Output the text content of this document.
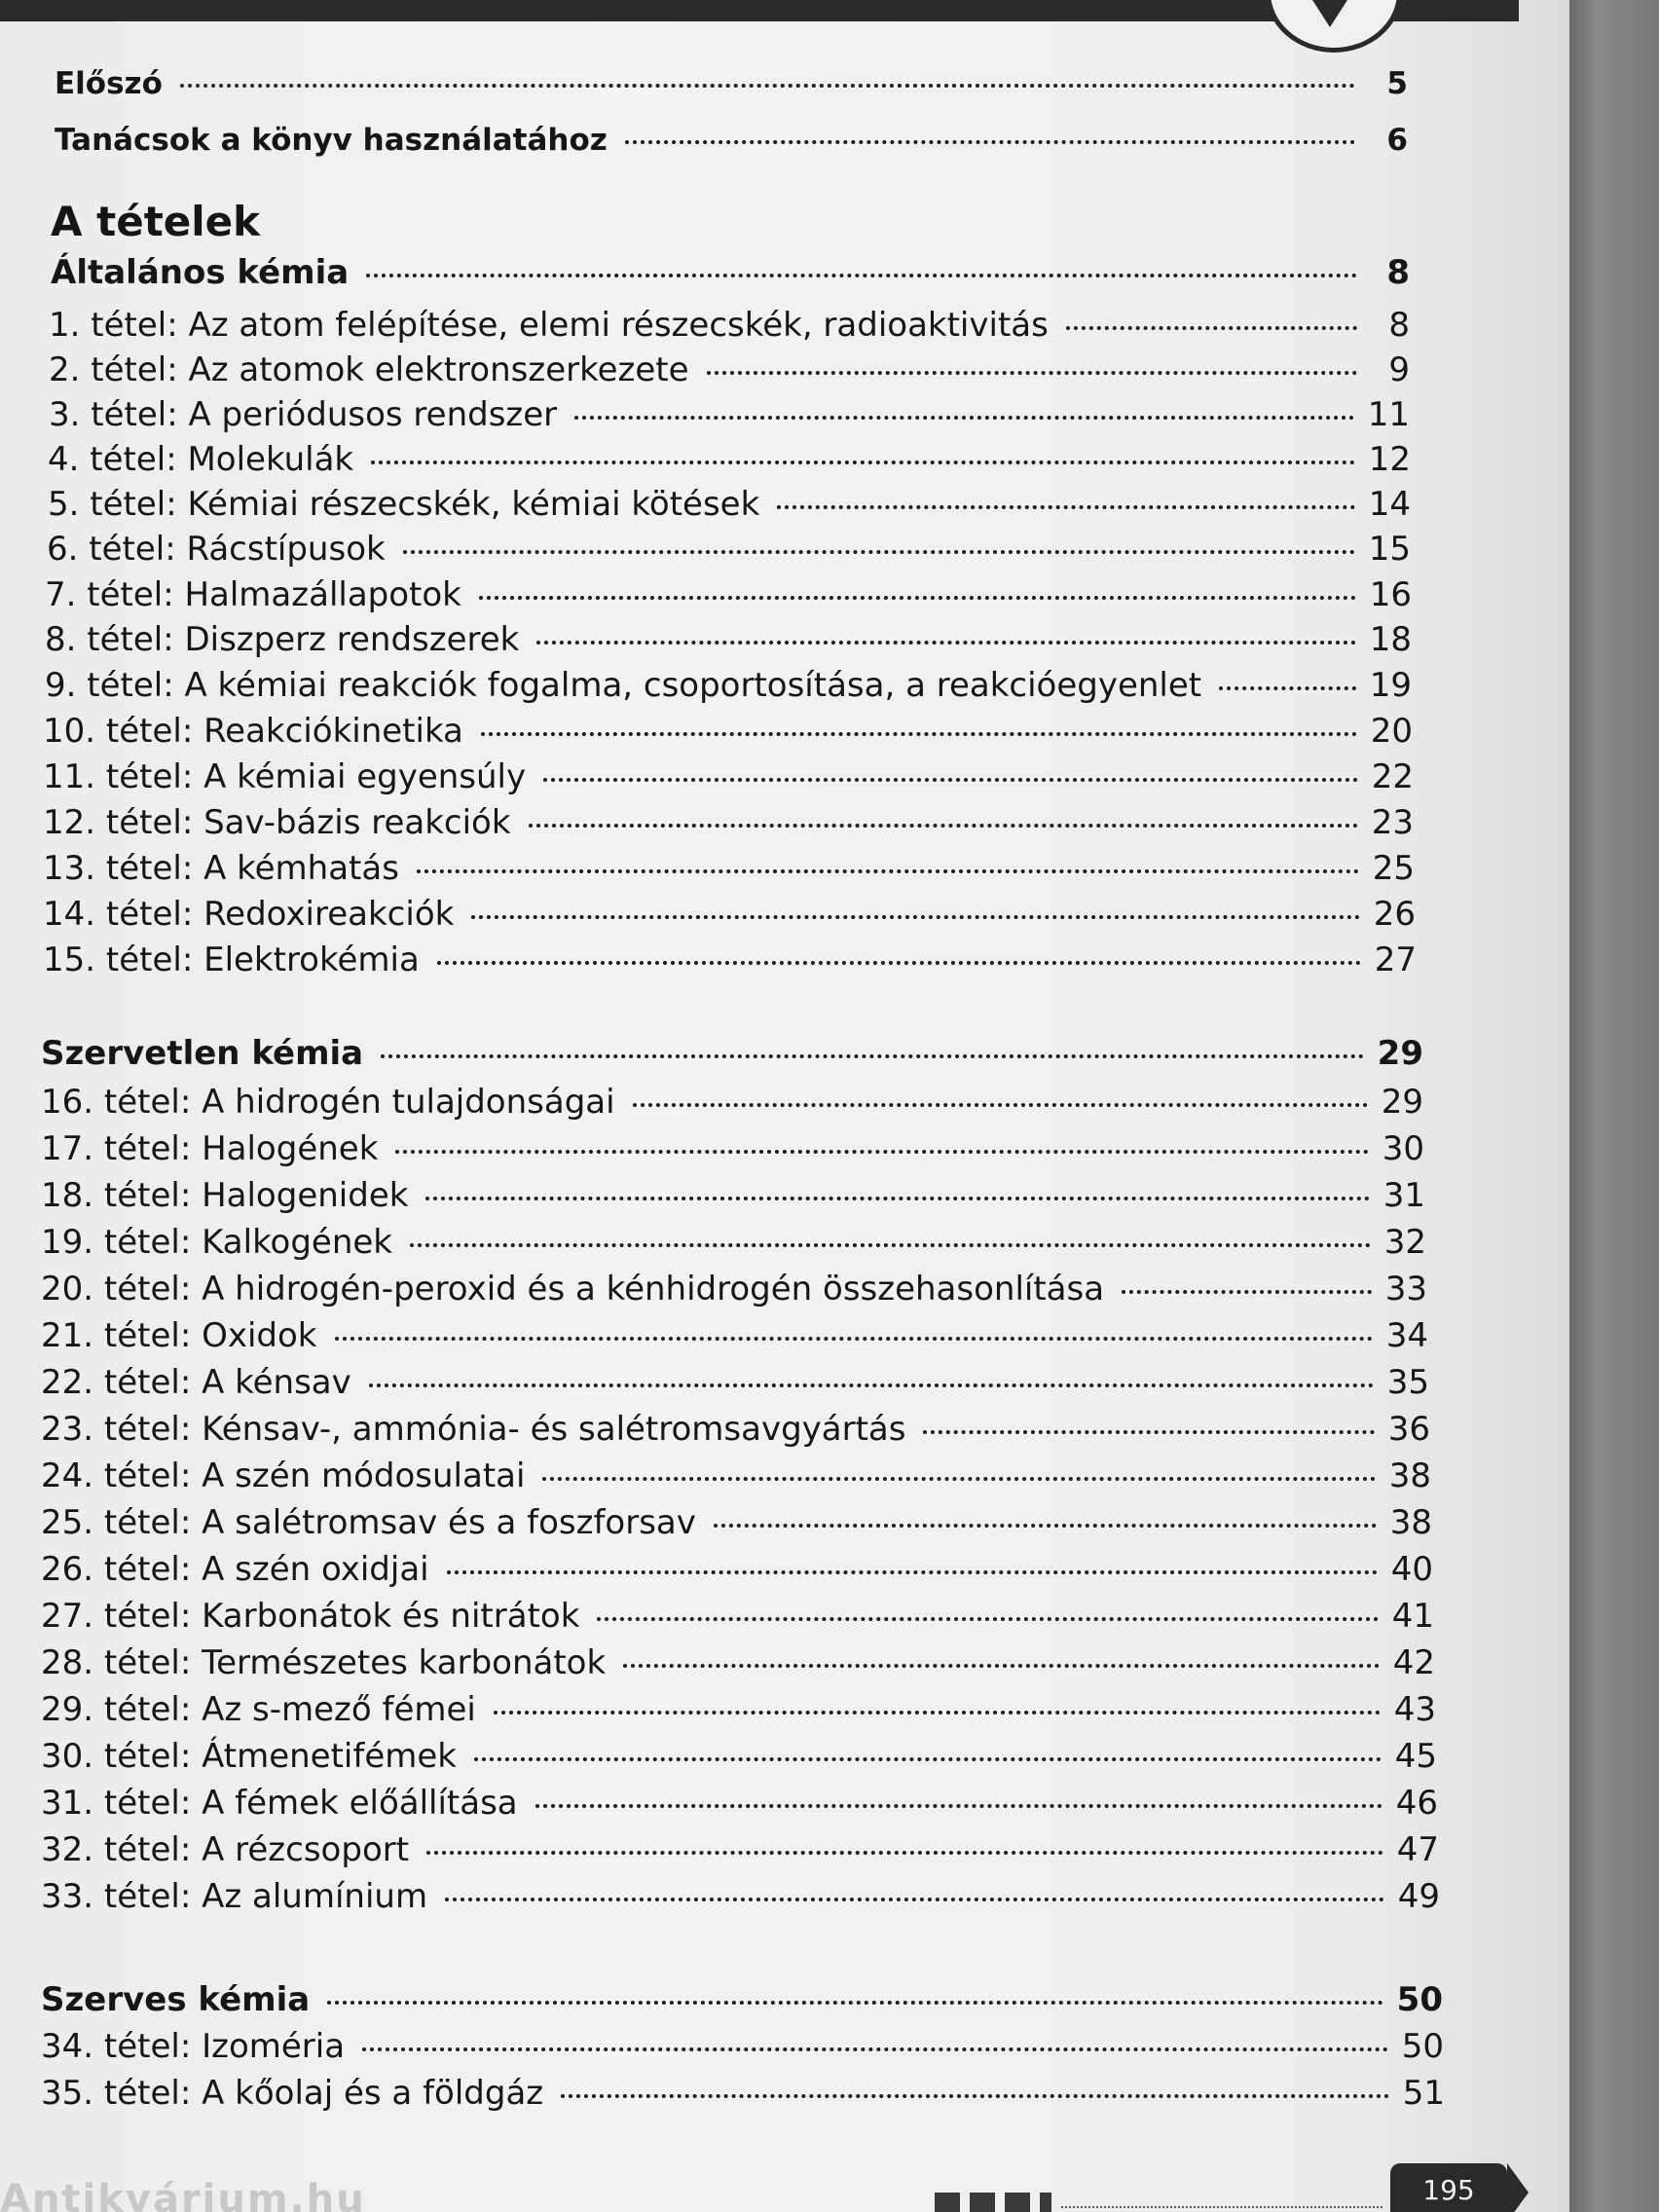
Előszó	5
Tanácsok a könyv használatához	6
A tételek
Általános kémia	8
1. tétel: Az atom felépítése, elemi részecskék, radioaktivitás	8
2. tétel: Az atomok elektronszerkezete	9
3. tétel: A periódusos rendszer	11
4. tétel: Molekulák	12
5. tétel: Kémiai részecskék, kémiai kötések	14
6. tétel: Rácstípusok	15
7. tétel: Halmazállapotok	16
8. tétel: Diszperz rendszerek	18
9. tétel: A kémiai reakciók fogalma, csoportosítása, a reakcióegyenlet	19
10. tétel: Reakciókinetika	20
11. tétel: A kémiai egyensúly	22
12. tétel: Sav-bázis reakciók	23
13. tétel: A kémhatás	25
14. tétel: Redoxireakciók	26
15. tétel: Elektrokémia	27
Szervetlen kémia	29
16. tétel: A hidrogén tulajdonságai	29
17. tétel: Halogének	30
18. tétel: Halogenidek	31
19. tétel: Kalkogének	32
20. tétel: A hidrogén-peroxid és a kénhidrogén összehasonlítása	33
21. tétel: Oxidok	34
22. tétel: A kénsav	35
23. tétel: Kénsav-, ammónia- és salétromsavgyártás	36
24. tétel: A szén módosulatai	38
25. tétel: A salétromsav és a foszforsav	38
26. tétel: A szén oxidjai	40
27. tétel: Karbonátok és nitrátok	41
28. tétel: Természetes karbonátok	42
29. tétel: Az s-mező fémei	43
30. tétel: Átmenetifémek	45
31. tétel: A fémek előállítása	46
32. tétel: A rézcsoport	47
33. tétel: Az alumínium	49
Szerves kémia	50
34. tétel: Izoméria	50
35. tétel: A kőolaj és a földgáz	51
Antikvárium.hu	195
